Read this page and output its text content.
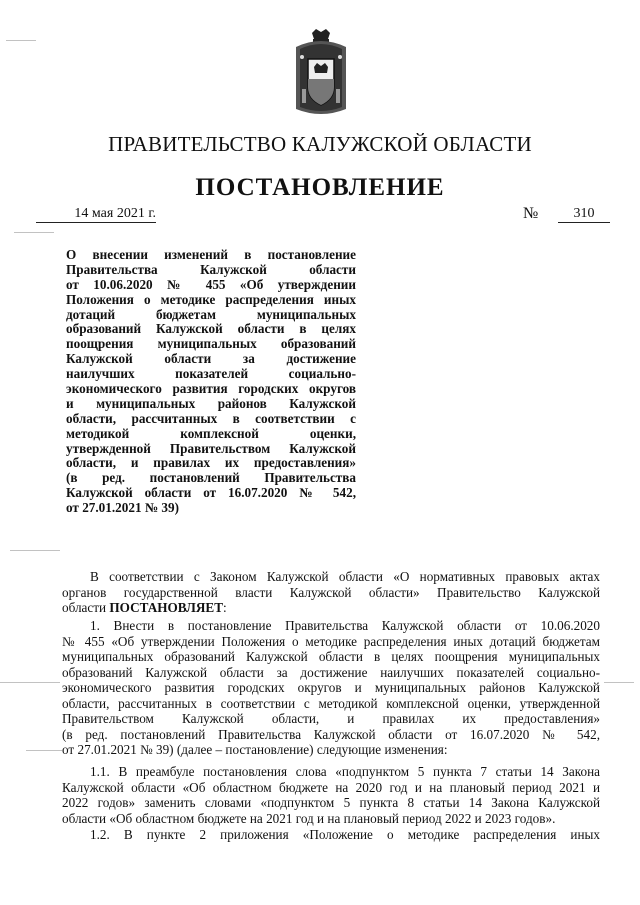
ПРАВИТЕЛЬСТВО КАЛУЖСКОЙ ОБЛАСТИ
ПОСТАНОВЛЕНИЕ
14 мая 2021 г.	№	310
О внесении изменений в постановление
Правительства Калужской области
от 10.06.2020 № 455 «Об утверждении
Положения о методике распределения иных
дотаций бюджетам муниципальных
образований Калужской области в целях
поощрения муниципальных образований
Калужской области за достижение
наилучших показателей социально-
экономического развития городских округов
и муниципальных районов Калужской
области, рассчитанных в соответствии с
методикой комплексной оценки,
утвержденной Правительством Калужской
области, и правилах их предоставления»
(в ред. постановлений Правительства
Калужской области от 16.07.2020 № 542,
от 27.01.2021 № 39)
В соответствии с Законом Калужской области «О нормативных правовых актах
органов государственной власти Калужской области» Правительство Калужской
области ПОСТАНОВЛЯЕТ:
1. Внести в постановление Правительства Калужской области от 10.06.2020
№ 455 «Об утверждении Положения о методике распределения иных дотаций бюджетам
муниципальных образований Калужской области в целях поощрения муниципальных
образований Калужской области за достижение наилучших показателей социально-
экономического развития городских округов и муниципальных районов Калужской
области, рассчитанных в соответствии с методикой комплексной оценки, утвержденной
Правительством Калужской области, и правилах их предоставления»
(в ред. постановлений Правительства Калужской области от 16.07.2020 № 542,
от 27.01.2021 № 39) (далее – постановление) следующие изменения:
1.1. В преамбуле постановления слова «подпунктом 5 пункта 7 статьи 14 Закона
Калужской области «Об областном бюджете на 2020 год и на плановый период 2021 и
2022 годов» заменить словами «подпунктом 5 пункта 8 статьи 14 Закона Калужской
области «Об областном бюджете на 2021 год и на плановый период 2022 и 2023 годов».
1.2. В пункте 2 приложения «Положение о методике распределения иных
